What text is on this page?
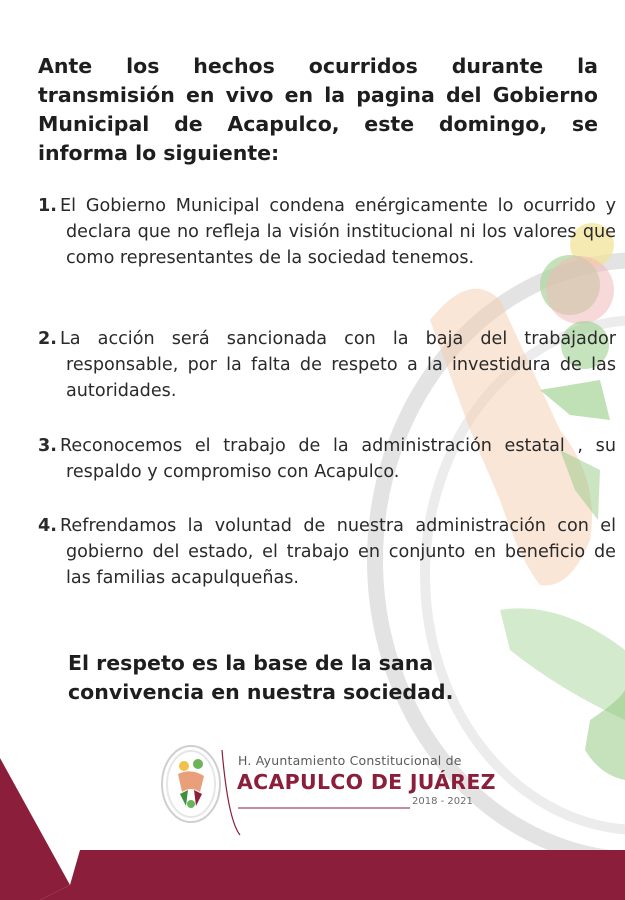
Ante los hechos ocurridos durante la transmisión en vivo en la pagina del Gobierno Municipal de Acapulco, este domingo, se informa lo siguiente:
1. El Gobierno Municipal condena enérgicamente lo ocurrido y declara que no refleja la visión institucional ni los valores que como representantes de la sociedad tenemos.
2. La acción será sancionada con la baja del trabajador responsable, por la falta de respeto a la investidura de las autoridades.
3. Reconocemos el trabajo de la administración estatal , su respaldo y compromiso con Acapulco.
4. Refrendamos la voluntad de nuestra administración con el gobierno del estado, el trabajo en conjunto en beneficio de las familias acapulqueñas.
El respeto es la base de la sana convivencia en nuestra sociedad.
H. Ayuntamiento Constitucional de
ACAPULCO DE JUÁREZ
2018 - 2021
